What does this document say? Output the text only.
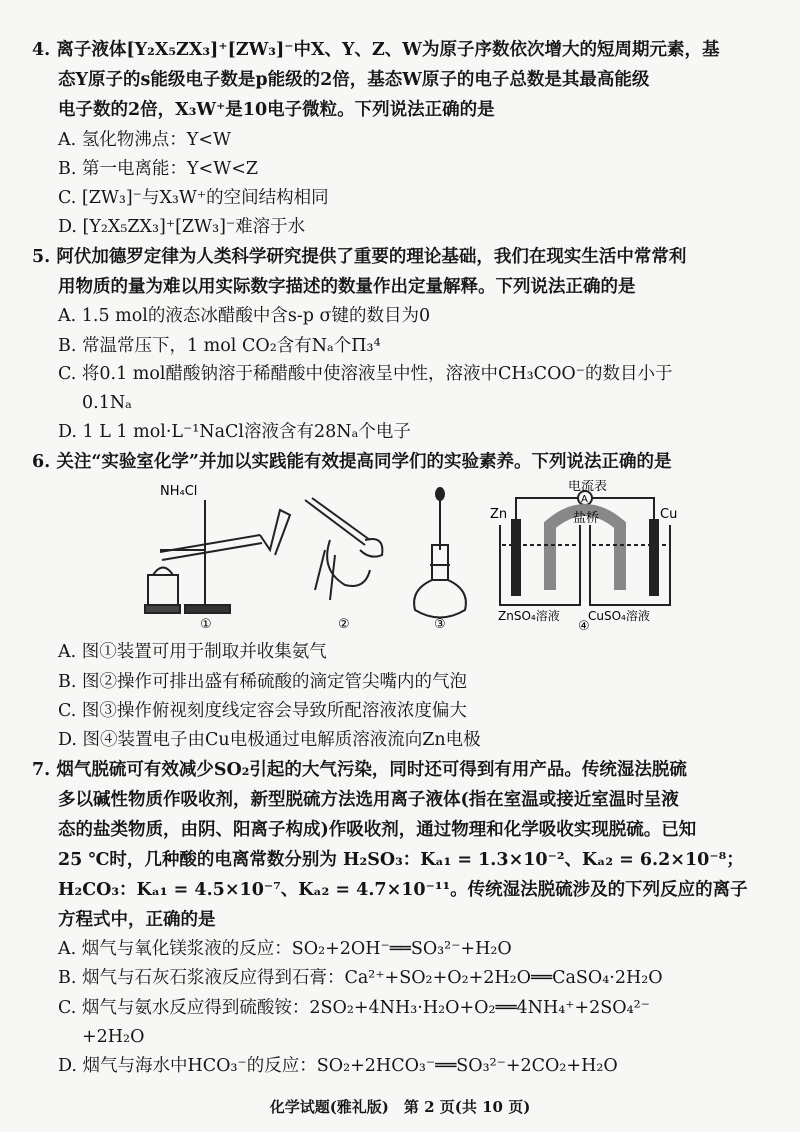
4. 离子液体[Y₂X₅ZX₃]⁺[ZW₃]⁻中X、Y、Z、W为原子序数依次增大的短周期元素，基
态Y原子的s能级电子数是p能级的2倍，基态W原子的电子总数是其最高能级
电子数的2倍，X₃W⁺是10电子微粒。下列说法正确的是
A. 氢化物沸点：Y<W
B. 第一电离能：Y<W<Z
C. [ZW₃]⁻与X₃W⁺的空间结构相同
D. [Y₂X₅ZX₃]⁺[ZW₃]⁻难溶于水
5. 阿伏加德罗定律为人类科学研究提供了重要的理论基础，我们在现实生活中常常利
用物质的量为难以用实际数字描述的数量作出定量解释。下列说法正确的是
A. 1.5 mol的液态冰醋酸中含s-p σ键的数目为0
B. 常温常压下，1 mol CO₂含有Nₐ个Π₃⁴
C. 将0.1 mol醋酸钠溶于稀醋酸中使溶液呈中性，溶液中CH₃COO⁻的数目小于
0.1Nₐ
D. 1 L 1 mol·L⁻¹NaCl溶液含有28Nₐ个电子
6. 关注“实验室化学”并加以实践能有效提高同学们的实验素养。下列说法正确的是
NH₄Cl	电流表
A
盐桥
Zn	Cu
ZnSO₄溶液 CuSO₄溶液
①	②	③	④
A. 图①装置可用于制取并收集氨气
B. 图②操作可排出盛有稀硫酸的滴定管尖嘴内的气泡
C. 图③操作俯视刻度线定容会导致所配溶液浓度偏大
D. 图④装置电子由Cu电极通过电解质溶液流向Zn电极
7. 烟气脱硫可有效减少SO₂引起的大气污染，同时还可得到有用产品。传统湿法脱硫
多以碱性物质作吸收剂，新型脱硫方法选用离子液体(指在室温或接近室温时呈液
态的盐类物质，由阴、阳离子构成)作吸收剂，通过物理和化学吸收实现脱硫。已知
25 ℃时，几种酸的电离常数分别为 H₂SO₃：Kₐ₁ = 1.3×10⁻²、Kₐ₂ = 6.2×10⁻⁸；
H₂CO₃：Kₐ₁ = 4.5×10⁻⁷、Kₐ₂ = 4.7×10⁻¹¹。传统湿法脱硫涉及的下列反应的离子
方程式中，正确的是
A. 烟气与氧化镁浆液的反应：SO₂+2OH⁻══SO₃²⁻+H₂O
B. 烟气与石灰石浆液反应得到石膏：Ca²⁺+SO₂+O₂+2H₂O══CaSO₄·2H₂O
C. 烟气与氨水反应得到硫酸铵：2SO₂+4NH₃·H₂O+O₂══4NH₄⁺+2SO₄²⁻
+2H₂O
D. 烟气与海水中HCO₃⁻的反应：SO₂+2HCO₃⁻══SO₃²⁻+2CO₂+H₂O
化学试题(雅礼版)　第 2 页(共 10 页)
